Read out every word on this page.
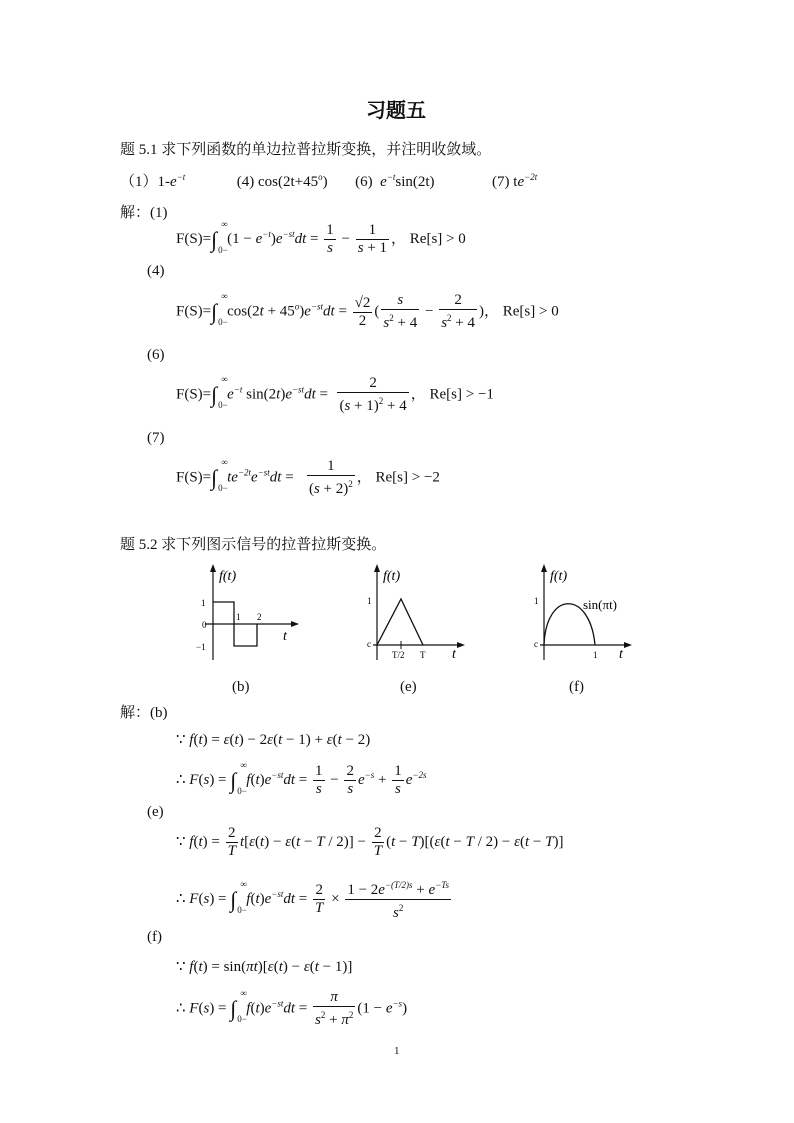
习题五
题 5.1 求下列函数的单边拉普拉斯变换，并注明收敛域。
$(1)1-e^{-t}$	(4) $\cos(2t+45^o)$ (6) $e^{-t}\sin(2t)$	(7) $te^{-2t}$
解：(1)
F(S)=∫
∞
0−
$(1 - e^{-t})e^{-st}dt = \frac{1}{s} - \frac{1}{s + 1}$ ， Re[s] > 0
(4)
F(S)=∫
∞
0−
$\cos(2t + 45^o)e^{-st}dt = \frac{√2}{2}$ ( $\frac{s}{s^2 + 4} - \frac{2}{s^2 + 4}$ )， Re[s] > 0
(6)
F(S)=∫
∞
0−
$e^{-t}$ $\sin(2t)e^{-st}dt = \frac{2}{(s + 1)^2 + 4}$ ， Re[s] > −1
(7)
F(S)=∫
∞
0−
$te^{-2t}e^{-st}dt = \frac{1}{(s + 2)^2}$ ， Re[s] > −2
题 5.2 求下列图示信号的拉普拉斯变换。
f(t)
t
1
0
−1
1 2
f(t)
t
1
c
T/2 T
f(t)
t
1
c
1
sin(πt)
(b)	(e)	(f)
解：(b)
∵ f(t) = ε(t) − 2ε(t − 1) + ε(t − 2)
∴ F(s) = ∫
∞
0−
$f(t)e^{-st}dt = \frac{1}{s} - \frac{2}{s} e^{-s} + \frac{1}{s} e^{-2s}$
(e)
∵ $f(t) = \frac{2}{T} t[\varepsilon(t) - \varepsilon(t - T / 2)] - \frac{2}{T} (t - T)[(\varepsilon(t - T / 2) - \varepsilon(t - T)]$
∴ F(s) = ∫
∞
0−
$f(t)e^{-st}dt = \frac{2}{T} \times \frac{1 - 2e^{-(T/2)s} + e^{-Ts}}{s^2}$
(f)
∵ f(t) = sin(πt)[ε(t) − ε(t − 1)]
∴ F(s) = ∫
∞
0−
$f(t)e^{-st}dt = \frac{\pi}{s^2 + \pi^2} (1 - e^{-s})$
1
